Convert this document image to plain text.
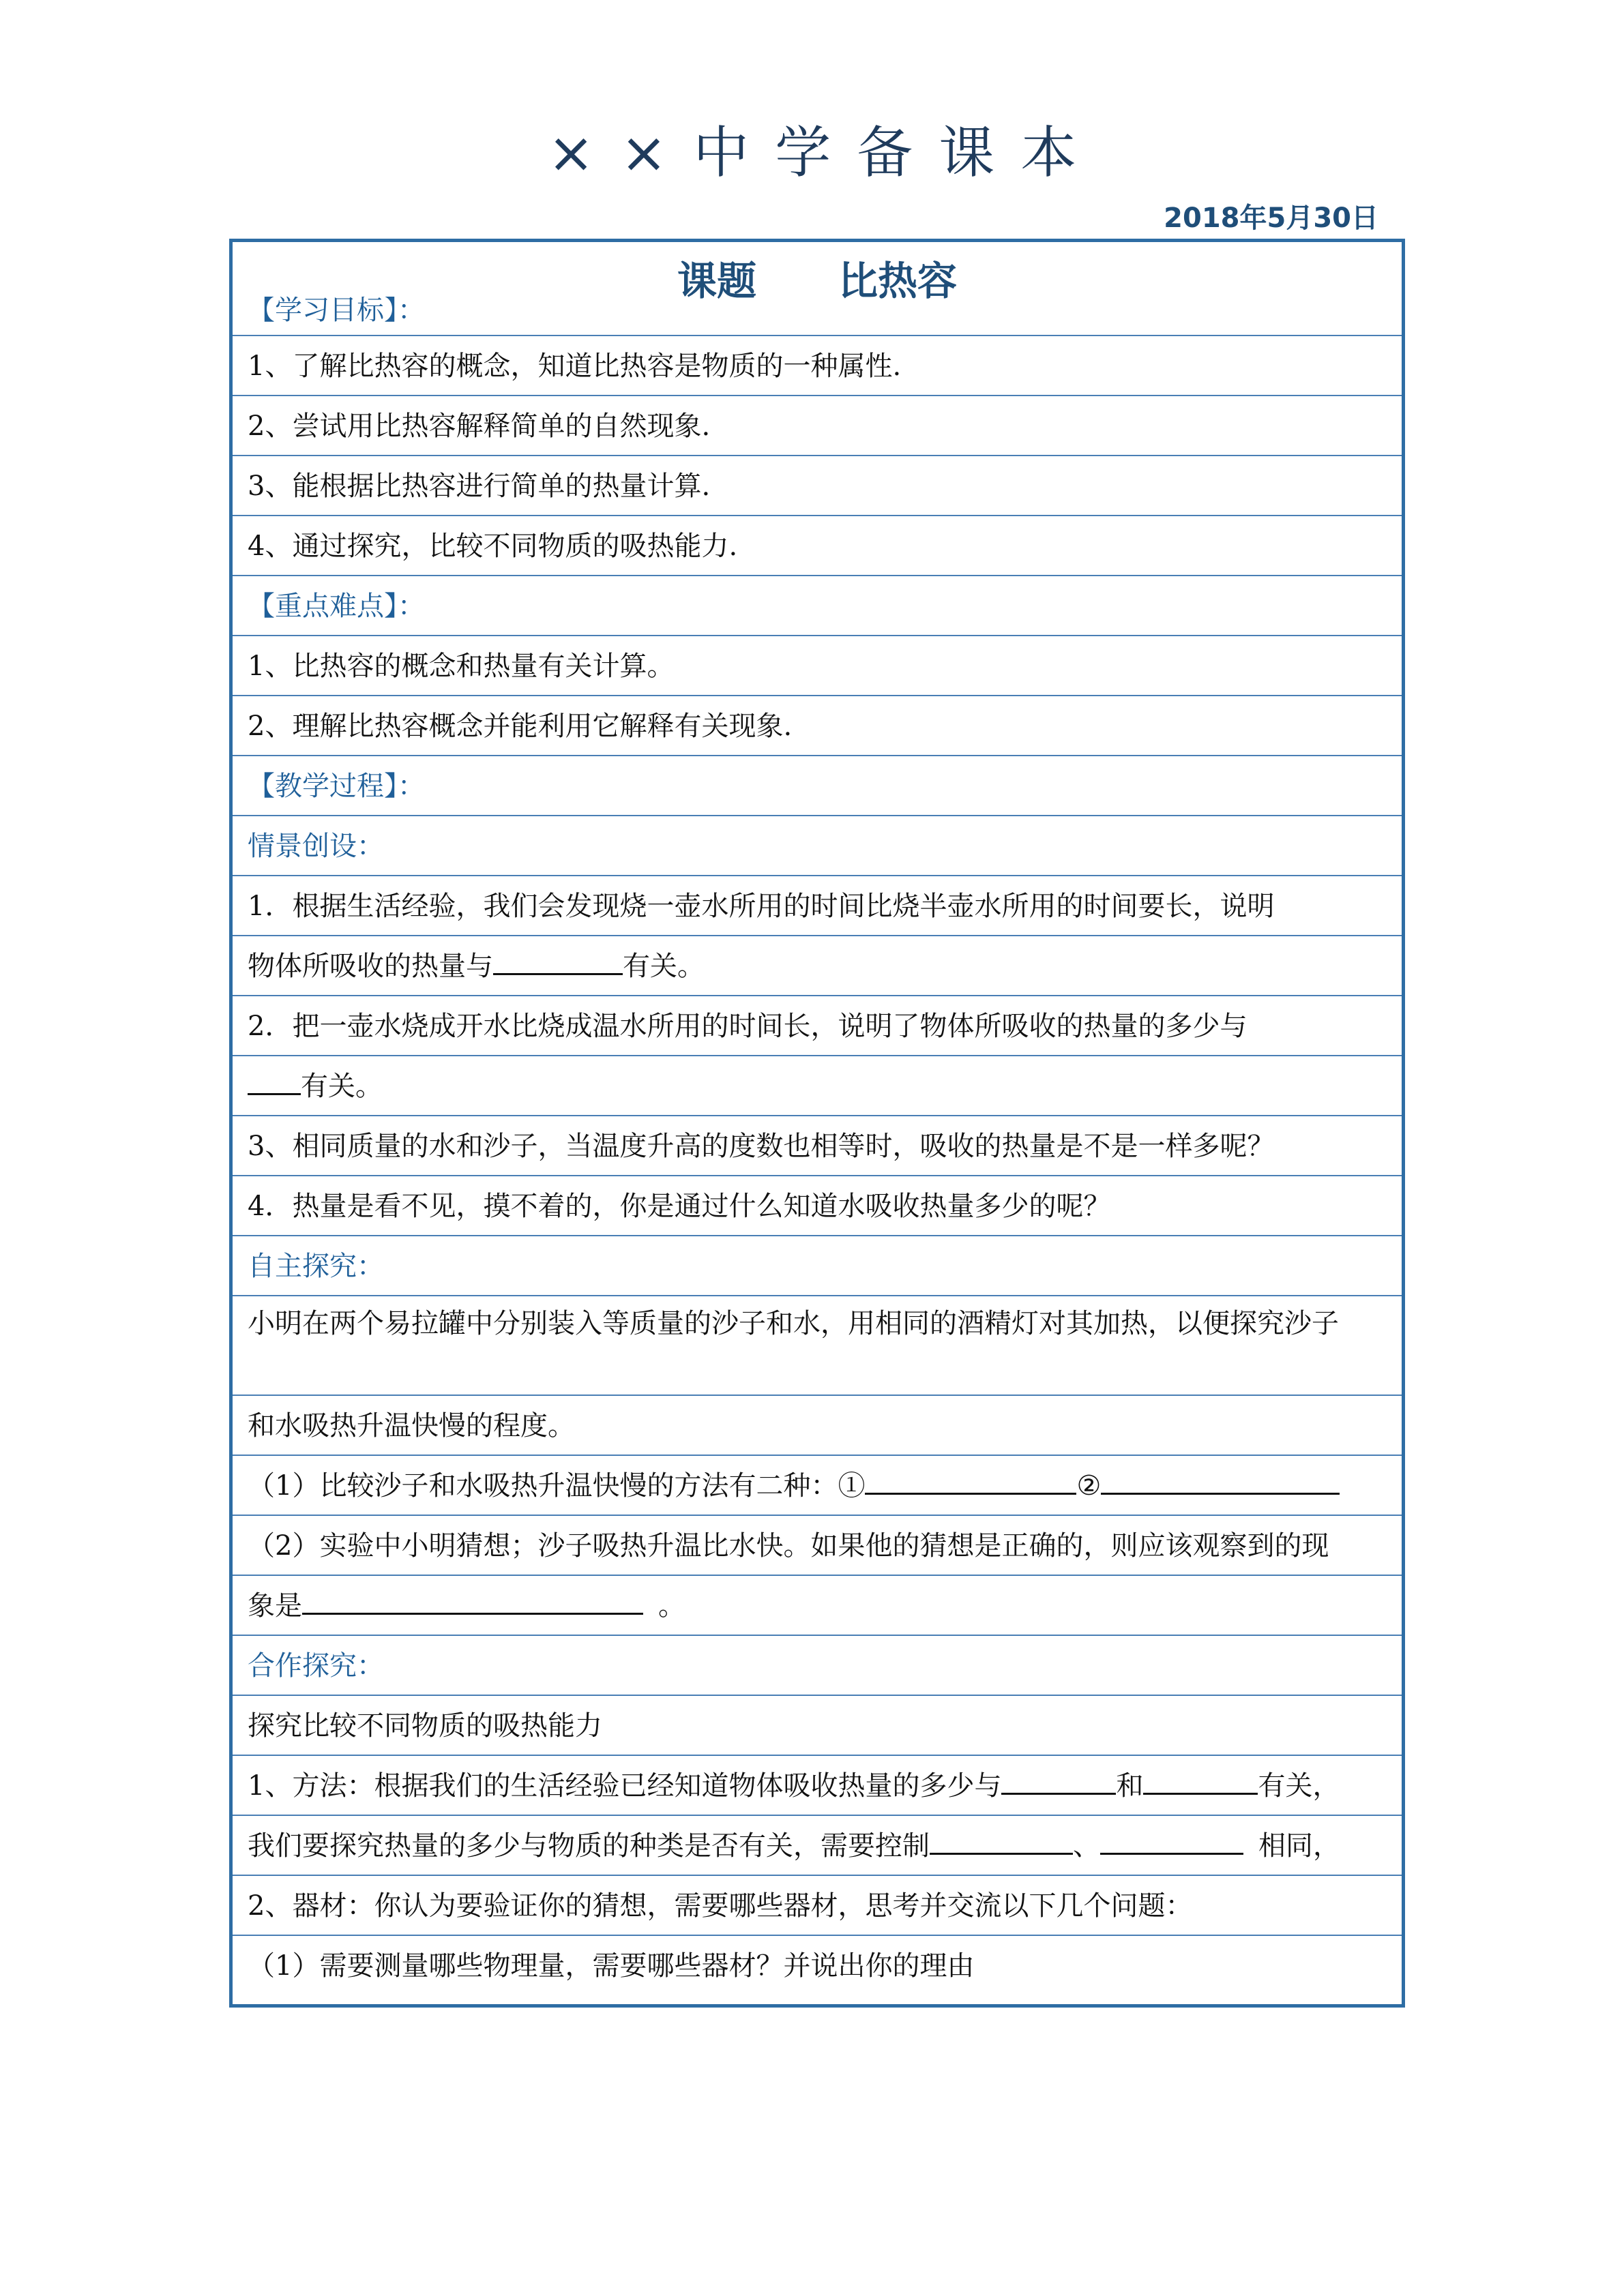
××中学备课本
2018年5月30日
课题 比热容
【学习目标】：
1、了解比热容的概念，知道比热容是物质的一种属性.
2、尝试用比热容解释简单的自然现象.
3、能根据比热容进行简单的热量计算.
4、通过探究，比较不同物质的吸热能力.
【重点难点】：
1、比热容的概念和热量有关计算。
2、理解比热容概念并能利用它解释有关现象.
【教学过程】：
情景创设：
1．根据生活经验，我们会发现烧一壶水所用的时间比烧半壶水所用的时间要长，说明
物体所吸收的热量与	有关。
2．把一壶水烧成开水比烧成温水所用的时间长，说明了物体所吸收的热量的多少与
有关。
3、相同质量的水和沙子，当温度升高的度数也相等时，吸收的热量是不是一样多呢？
4．热量是看不见，摸不着的，你是通过什么知道水吸收热量多少的呢？
自主探究：
小明在两个易拉罐中分别装入等质量的沙子和水，用相同的酒精灯对其加热，以便探究沙子
和水吸热升温快慢的程度。
（1）比较沙子和水吸热升温快慢的方法有二种：①	②
（2）实验中小明猜想；沙子吸热升温比水快。如果他的猜想是正确的，则应该观察到的现
象是	。
合作探究：
探究比较不同物质的吸热能力
1、方法：根据我们的生活经验已经知道物体吸收热量的多少与	和	有关，
我们要探究热量的多少与物质的种类是否有关，需要控制	、	相同，
2、器材：你认为要验证你的猜想，需要哪些器材，思考并交流以下几个问题：
（1）需要测量哪些物理量，需要哪些器材？并说出你的理由
